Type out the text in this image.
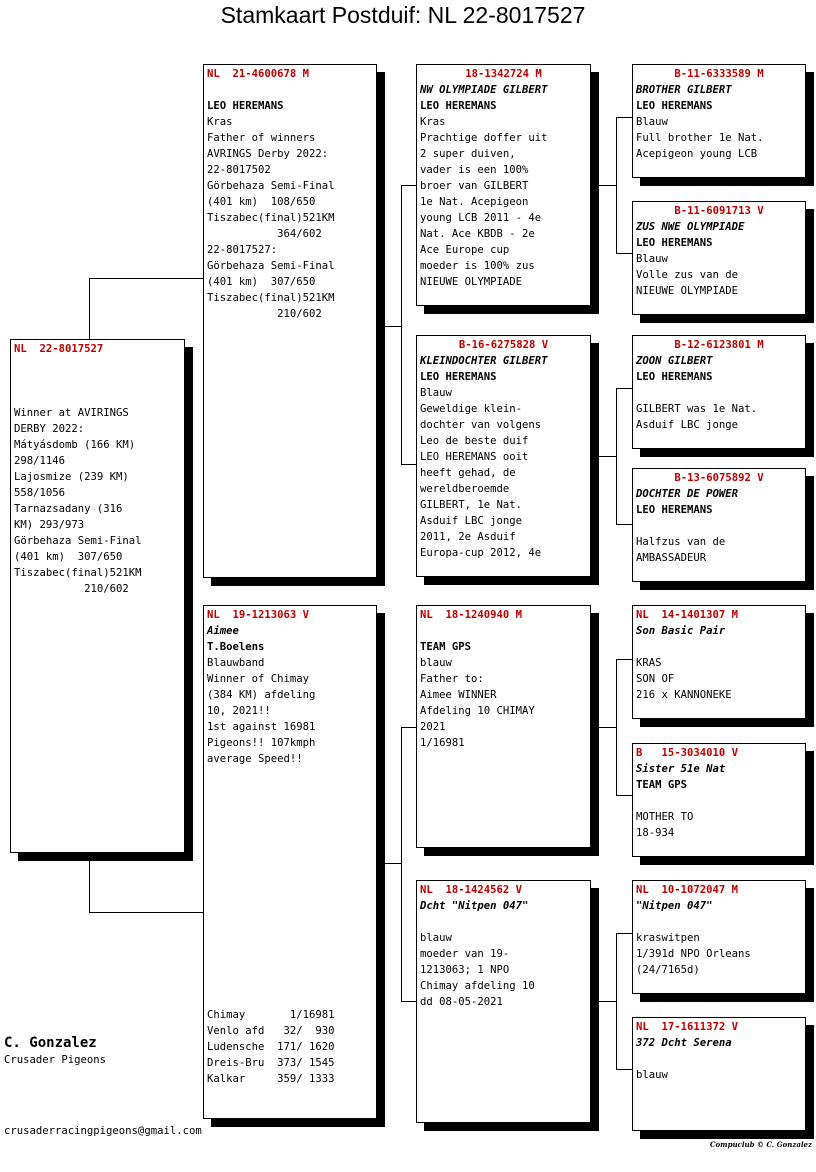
Stamkaart Postduif: NL 22-8017527
NL  22-8017527
Winner at AVIRINGS
DERBY 2022:
Mátyásdomb (166 KM)
298/1146
Lajosmize (239 KM)
558/1056
Tarnazsadany (316
KM) 293/973
Görbehaza Semi-Final
(401 km)  307/650
Tiszabec(final)521KM
210/602
NL  21-4600678 M
LEO HEREMANS
Kras
Father of winners
AVRINGS Derby 2022:
22-8017502
Görbehaza Semi-Final
(401 km)  108/650
Tiszabec(final)521KM
364/602
22-8017527:
Görbehaza Semi-Final
(401 km)  307/650
Tiszabec(final)521KM
210/602
NL  19-1213063 V
Aimee
T.Boelens
Blauwband
Winner of Chimay
(384 KM) afdeling
10, 2021!!
1st against 16981
Pigeons!! 107kmph
average Speed!!
Chimay       1/16981
Venlo afd   32/  930
Ludensche  171/ 1620
Dreis-Bru  373/ 1545
Kalkar     359/ 1333
18-1342724 M
NW OLYMPIADE GILBERT
LEO HEREMANS
Kras
Prachtige doffer uit
2 super duiven,
vader is een 100%
broer van GILBERT
1e Nat. Acepigeon
young LCB 2011 - 4e
Nat. Ace KBDB - 2e
Ace Europe cup
moeder is 100% zus
NIEUWE OLYMPIADE
B-16-6275828 V
KLEINDOCHTER GILBERT
LEO HEREMANS
Blauw
Geweldige klein-
dochter van volgens
Leo de beste duif
LEO HEREMANS ooit
heeft gehad, de
wereldberoemde
GILBERT, 1e Nat.
Asduif LBC jonge
2011, 2e Asduif
Europa-cup 2012, 4e
NL  18-1240940 M
TEAM GPS
blauw
Father to:
Aimee WINNER
Afdeling 10 CHIMAY
2021
1/16981
NL  18-1424562 V
Dcht "Nitpen 047"
blauw
moeder van 19-
1213063; 1 NPO
Chimay afdeling 10
dd 08-05-2021
B-11-6333589 M
BROTHER GILBERT
LEO HEREMANS
Blauw
Full brother 1e Nat.
Acepigeon young LCB
B-11-6091713 V
ZUS NWE OLYMPIADE
LEO HEREMANS
Blauw
Volle zus van de
NIEUWE OLYMPIADE
B-12-6123801 M
ZOON GILBERT
LEO HEREMANS
GILBERT was 1e Nat.
Asduif LBC jonge
B-13-6075892 V
DOCHTER DE POWER
LEO HEREMANS
Halfzus van de
AMBASSADEUR
NL  14-1401307 M
Son Basic Pair
KRAS
SON OF
216 x KANNONEKE
B   15-3034010 V
Sister 51e Nat
TEAM GPS
MOTHER TO
18-934
NL  10-1072047 M
"Nitpen 047"
kraswitpen
1/391d NPO Orleans
(24/7165d)
NL  17-1611372 V
372 Dcht Serena
blauw
C. Gonzalez
Crusader Pigeons
crusaderracingpigeons@gmail.com
Compuclub © C. Gonzalez
